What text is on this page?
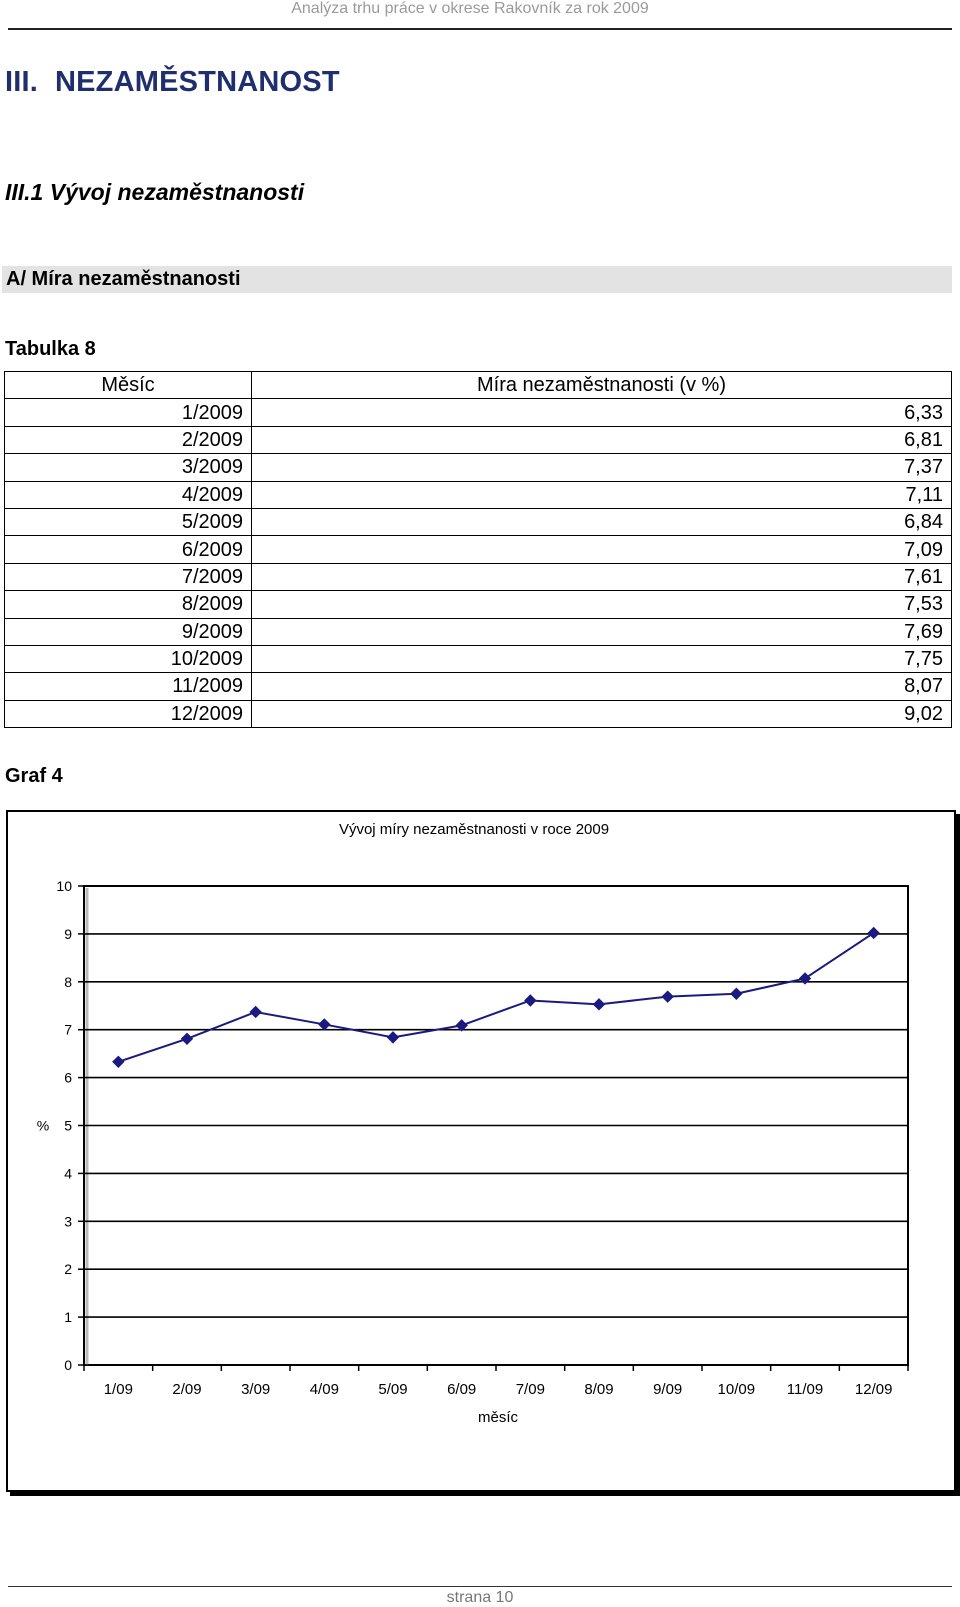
Analýza trhu práce v okrese Rakovník za rok 2009
III. NEZAMĚSTNANOST
III.1 Vývoj nezaměstnanosti
A/ Míra nezaměstnanosti
Tabulka 8
Měsíc	Míra nezaměstnanosti (v %)
1/2009	6,33
2/2009	6,81
3/2009	7,37
4/2009	7,11
5/2009	6,84
6/2009	7,09
7/2009	7,61
8/2009	7,53
9/2009	7,69
10/2009	7,75
11/2009	8,07
12/2009	9,02
Graf 4
0
1
2
3
4
5
6
7
8
9
10
1/09	2/09	3/09	4/09	5/09	6/09	7/09	8/09	9/09 10/09 11/09 12/09
Vývoj míry nezaměstnanosti v roce 2009
%
měsíc
strana 10
